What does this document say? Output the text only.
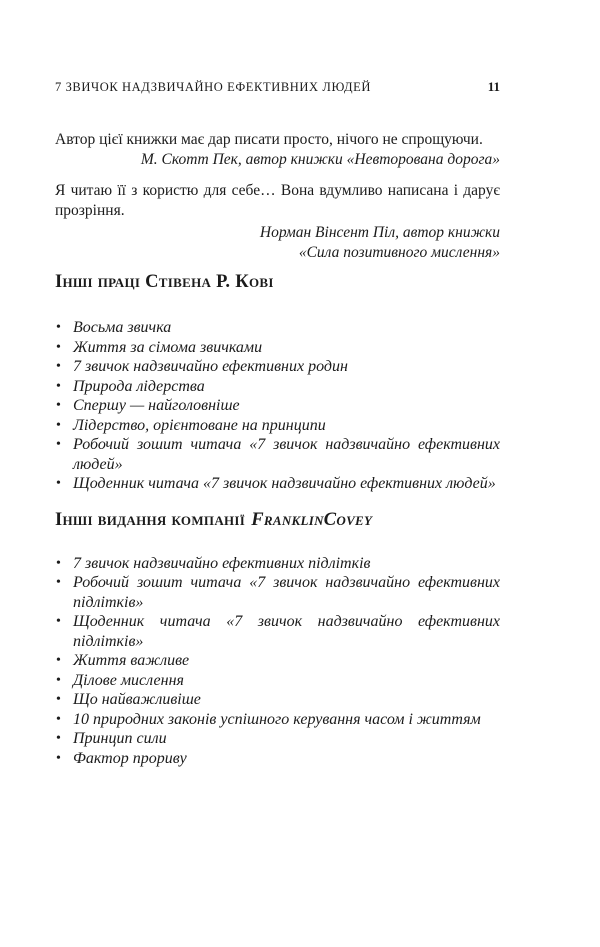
7 ЗВИЧОК НАДЗВИЧАЙНО ЕФЕКТИВНИХ ЛЮДЕЙ	11

Автор цієї книжки має дар писати просто, нічого не спрощуючи.

М. Скотт Пек, автор книжки «Невторована дорога»

Я читаю її з користю для себе… Вона вдумливо написана і дарує прозріння.

Норман Вінсент Піл, автор книжки
«Сила позитивного мислення»

Інші праці Стівена Р. Кові
• Восьма звичка
• Життя за сімома звичками
• 7 звичок надзвичайно ефективних родин
• Природа лідерства
• Спершу — найголовніше
• Лідерство, орієнтоване на принципи
• Робочий зошит читача «7 звичок надзвичайно ефективних людей»
• Щоденник читача «7 звичок надзвичайно ефективних людей»
Інші видання компанії FranklinCovey
• 7 звичок надзвичайно ефективних підлітків
• Робочий зошит читача «7 звичок надзвичайно ефективних підлітків»
• Щоденник читача «7 звичок надзвичайно ефективних підлітків»
• Життя важливе
• Ділове мислення
• Що найважливіше
• 10 природних законів успішного керування часом і життям
• Принцип сили
• Фактор прориву
